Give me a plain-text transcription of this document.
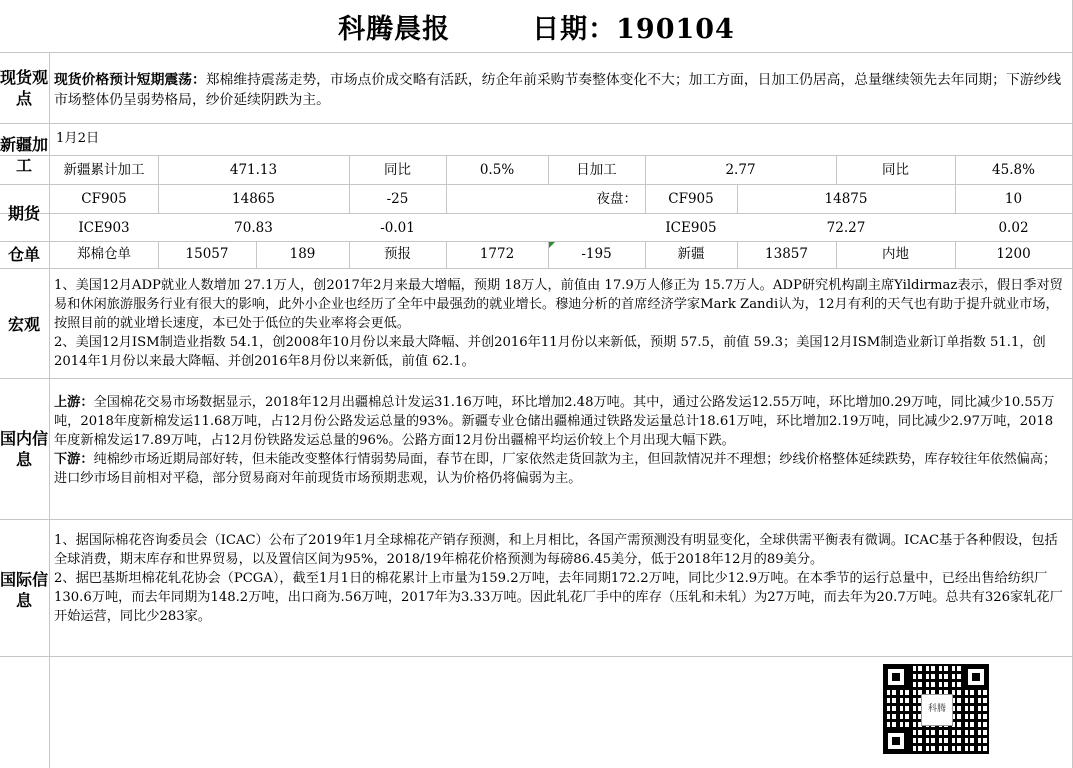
科腾晨报	日期：190104
现货观点
现货价格预计短期震荡：郑棉维持震荡走势，市场点价成交略有活跃，纺企年前采购节奏整体变化不大；加工方面，日加工仍居高，总量继续领先去年同期；下游纱线市场整体仍呈弱势格局，纱价延续阴跌为主。
新疆加工
1月2日
新疆累计加工	471.13	同比	0.5%	日加工	2.77	同比	45.8%
期货
CF905	14865	-25	夜盘：	CF905	14875	10
ICE903	70.83	-0.01	ICE905	72.27	0.02
仓单	郑棉仓单	15057	189	预报	1772	-195	新疆	13857	内地	1200
宏观
1、美国12月ADP就业人数增加 27.1万人，创2017年2月来最大增幅，预期 18万人，前值由 17.9万人修正为 15.7万人。ADP研究机构副主席Yildirmaz表示，假日季对贸易和休闲旅游服务行业有很大的影响，此外小企业也经历了全年中最强劲的就业增长。穆迪分析的首席经济学家Mark Zandi认为，12月有利的天气也有助于提升就业市场，按照目前的就业增长速度，本已处于低位的失业率将会更低。
2、美国12月ISM制造业指数 54.1，创2008年10月份以来最大降幅、并创2016年11月份以来新低，预期 57.5，前值 59.3；美国12月ISM制造业新订单指数 51.1，创2014年1月份以来最大降幅、并创2016年8月份以来新低，前值 62.1。
国内信息
上游：全国棉花交易市场数据显示，2018年12月出疆棉总计发运31.16万吨，环比增加2.48万吨。其中，通过公路发运12.55万吨，环比增加0.29万吨，同比减少10.55万吨，2018年度新棉发运11.68万吨，占12月份公路发运总量的93%。新疆专业仓储出疆棉通过铁路发运量总计18.61万吨，环比增加2.19万吨，同比减少2.97万吨，2018年度新棉发运17.89万吨，占12月份铁路发运总量的96%。公路方面12月份出疆棉平均运价较上个月出现大幅下跌。
下游：纯棉纱市场近期局部好转，但未能改变整体行情弱势局面，春节在即，厂家依然走货回款为主，但回款情况并不理想；纱线价格整体延续跌势，库存较往年依然偏高；进口纱市场目前相对平稳，部分贸易商对年前现货市场预期悲观，认为价格仍将偏弱为主。
国际信息
1、据国际棉花咨询委员会（ICAC）公布了2019年1月全球棉花产销存预测，和上月相比，各国产需预测没有明显变化，全球供需平衡表有微调。ICAC基于各种假设，包括全球消费，期末库存和世界贸易，以及置信区间为95%，2018/19年棉花价格预测为每磅86.45美分，低于2018年12月的89美分。
2、据巴基斯坦棉花轧花协会（PCGA），截至1月1日的棉花累计上市量为159.2万吨，去年同期172.2万吨，同比少12.9万吨。在本季节的运行总量中，已经出售给纺织厂130.6万吨，而去年同期为148.2万吨，出口商为.56万吨，2017年为3.33万吨。因此轧花厂手中的库存（压轧和未轧）为27万吨，而去年为20.7万吨。总共有326家轧花厂开始运营，同比少283家。
科腾
